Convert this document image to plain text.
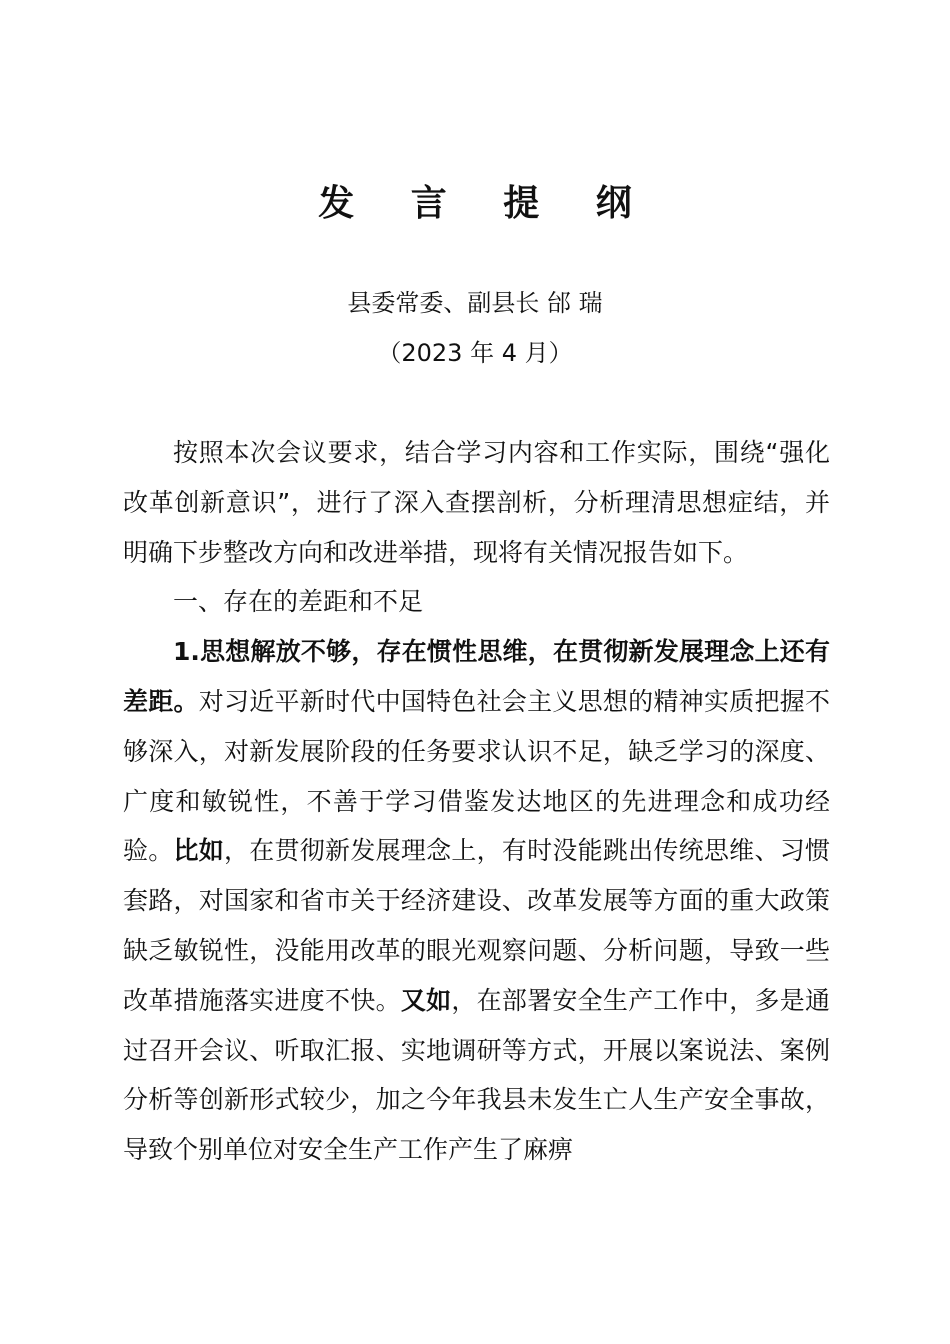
发 言 提 纲
县委常委、副县长 邰 瑞
（2023 年 4 月）

按照本次会议要求，结合学习内容和工作实际，围绕“强化改革创新意识”，进行了深入查摆剖析，分析理清思想症结，并明确下步整改方向和改进举措，现将有关情况报告如下。

一、存在的差距和不足

1.思想解放不够，存在惯性思维，在贯彻新发展理念上还有差距。对习近平新时代中国特色社会主义思想的精神实质把握不够深入，对新发展阶段的任务要求认识不足，缺乏学习的深度、广度和敏锐性，不善于学习借鉴发达地区的先进理念和成功经验。比如，在贯彻新发展理念上，有时没能跳出传统思维、习惯套路，对国家和省市关于经济建设、改革发展等方面的重大政策缺乏敏锐性，没能用改革的眼光观察问题、分析问题，导致一些改革措施落实进度不快。又如，在部署安全生产工作中，多是通过召开会议、听取汇报、实地调研等方式，开展以案说法、案例分析等创新形式较少，加之今年我县未发生亡人生产安全事故，导致个别单位对安全生产工作产生了麻痹
